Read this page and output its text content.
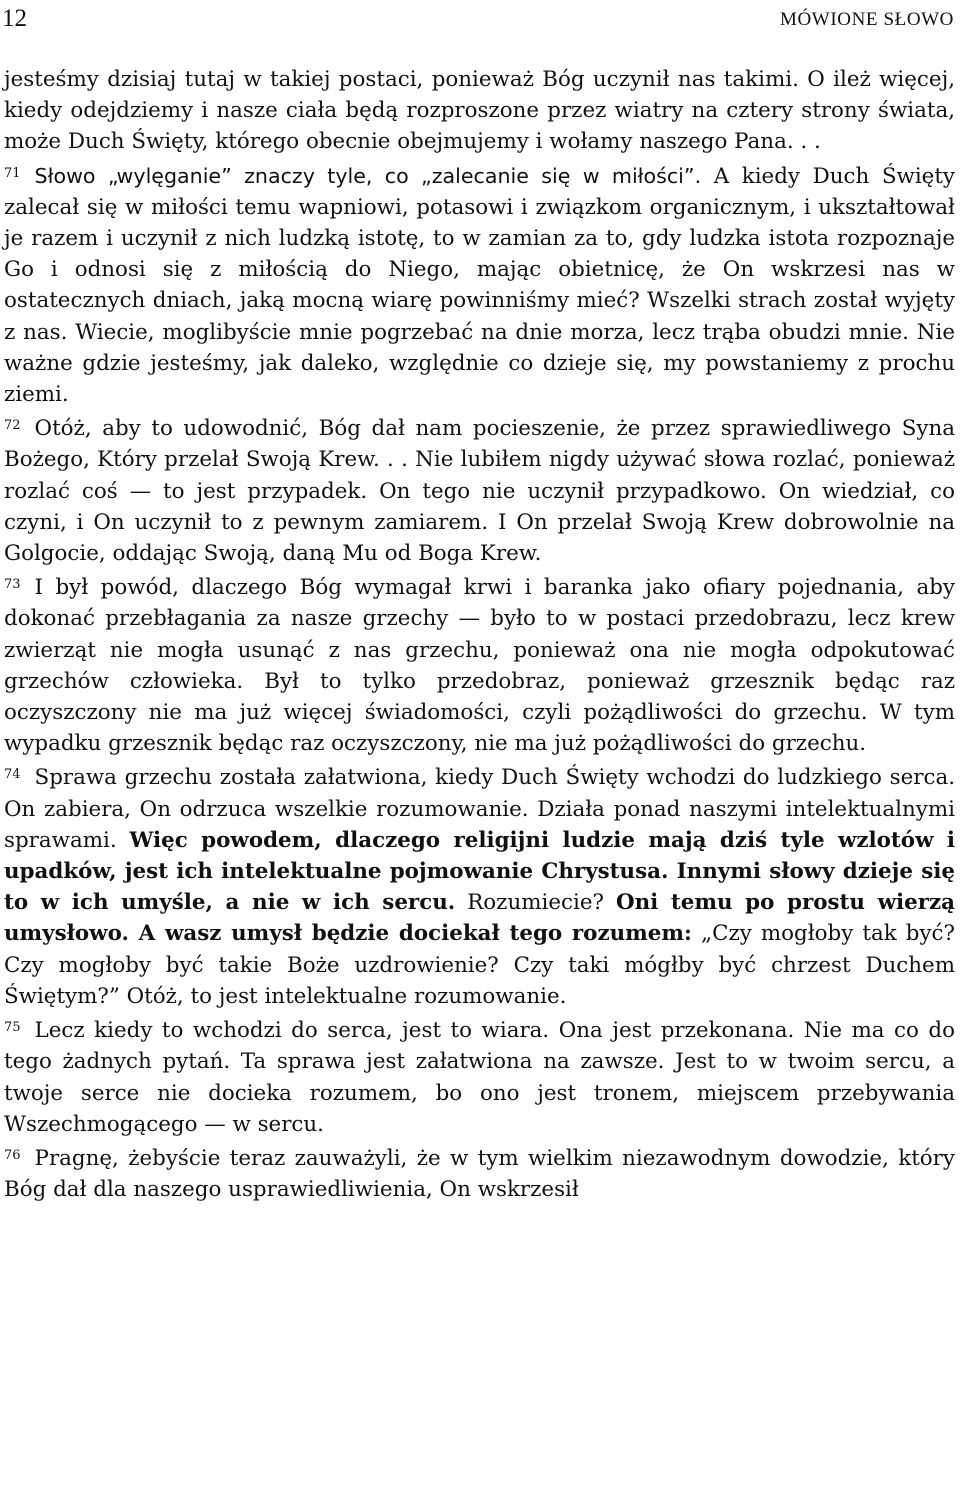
12	MÓWIONE SŁOWO

jesteśmy dzisiaj tutaj w takiej postaci, ponieważ Bóg uczynił nas takimi. O ileż więcej, kiedy odejdziemy i nasze ciała będą rozproszone przez wiatry na cztery strony świata, może Duch Święty, którego obecnie obejmujemy i wołamy naszego Pana. . .

$^{71}$ Słowo „wylęganie” znaczy tyle, co „zalecanie się w miłości”. A kiedy Duch Święty zalecał się w miłości temu wapniowi, potasowi i związkom organicznym, i ukształtował je razem i uczynił z nich ludzką istotę, to w zamian za to, gdy ludzka istota rozpoznaje Go i odnosi się z miłością do Niego, mając obietnicę, że On wskrzesi nas w ostatecznych dniach, jaką mocną wiarę powinniśmy mieć? Wszelki strach został wyjęty z nas. Wiecie, moglibyście mnie pogrzebać na dnie morza, lecz trąba obudzi mnie. Nie ważne gdzie jesteśmy, jak daleko, względnie co dzieje się, my powstaniemy z prochu ziemi.

$^{72}$ Otóż, aby to udowodnić, Bóg dał nam pocieszenie, że przez sprawiedliwego Syna Bożego, Który przelał Swoją Krew. . . Nie lubiłem nigdy używać słowa rozlać, ponieważ rozlać coś — to jest przypadek. On tego nie uczynił przypadkowo. On wiedział, co czyni, i On uczynił to z pewnym zamiarem. I On przelał Swoją Krew dobrowolnie na Golgocie, oddając Swoją, daną Mu od Boga Krew.

$^{73}$ I był powód, dlaczego Bóg wymagał krwi i baranka jako ofiary pojednania, aby dokonać przebłagania za nasze grzechy — było to w postaci przedobrazu, lecz krew zwierząt nie mogła usunąć z nas grzechu, ponieważ ona nie mogła odpokutować grzechów człowieka. Był to tylko przedobraz, ponieważ grzesznik będąc raz oczyszczony nie ma już więcej świadomości, czyli pożądliwości do grzechu. W tym wypadku grzesznik będąc raz oczyszczony, nie ma już pożądliwości do grzechu.

$^{74}$ Sprawa grzechu została załatwiona, kiedy Duch Święty wchodzi do ludzkiego serca. On zabiera, On odrzuca wszelkie rozumowanie. Działa ponad naszymi intelektualnymi sprawami. Więc powodem, dlaczego religijni ludzie mają dziś tyle wzlotów i upadków, jest ich intelektualne pojmowanie Chrystusa. Innymi słowy dzieje się to w ich umyśle, a nie w ich sercu. Rozumiecie? Oni temu po prostu wierzą umysłowo. A wasz umysł będzie dociekał tego rozumem: „Czy mogłoby tak być? Czy mogłoby być takie Boże uzdrowienie? Czy taki mógłby być chrzest Duchem Świętym?” Otóż, to jest intelektualne rozumowanie.

$^{75}$ Lecz kiedy to wchodzi do serca, jest to wiara. Ona jest przekonana. Nie ma co do tego żadnych pytań. Ta sprawa jest załatwiona na zawsze. Jest to w twoim sercu, a twoje serce nie docieka rozumem, bo ono jest tronem, miejscem przebywania Wszechmogącego — w sercu.

$^{76}$ Pragnę, żebyście teraz zauważyli, że w tym wielkim niezawodnym dowodzie, który Bóg dał dla naszego usprawiedliwienia, On wskrzesił
